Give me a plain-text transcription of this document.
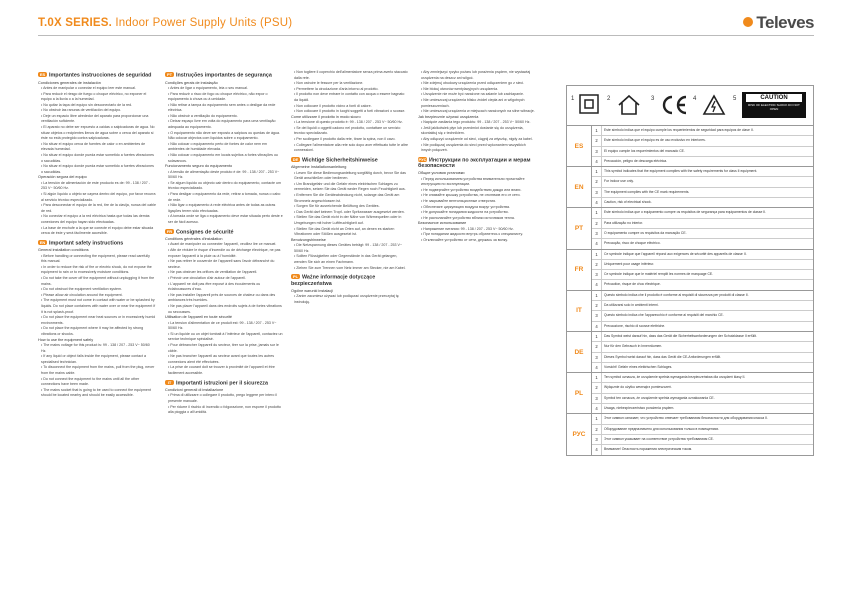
T.0X SERIES. Indoor Power Supply Units (PSU)	Televes
ES Importantes instrucciones de seguridad
Condiciones generales de instalación
• Antes de manipular o conectar el equipo leer este manual.
• Para reducir el riesgo de fuego o choque eléctrico, no exponer el equipo a la lluvia o a la humedad.
• No quitar la tapa del equipo sin desconectarlo de la red.
• No obstruir las ranuras de ventilación del equipo.
• Deje un espacio libre alrededor del aparato para proporcionar una ventilación suficiente.
• El aparato no debe ser expuesto a caídas o salpicaduras de agua. No situar objetos o recipientes llenos de agua sobre o cerca del aparato si éste no está protegido contra salpicaduras.
• No situar el equipo cerca de fuentes de calor o en ambientes de elevada humedad.
• No situar el equipo donde pueda estar sometido a fuertes vibraciones o sacudidas.
• No situar el equipo donde pueda estar sometido a fuertes vibraciones o sacudidas.
Operación segura del equipo
• La tensión de alimentación de este producto es de: 99 - 138 / 207 - 253 V~ 50/60 Hz.
• Si algún líquido u objeto se cayera dentro del equipo, por favor recurra al servicio técnico especializado.
• Para desconectar el equipo de la red, tire de la clavija, nunca del cable de red.
• No conectar el equipo a la red eléctrica hasta que todas las demás conexiones del equipo hayan sido efectuadas.
• La base de enchufe a la que se conecte el equipo debe estar situada cerca de éste y será fácilmente accesible.
EN Important safety instructions
General installation conditions
• Before handling or connecting the equipment, please read carefully this manual.
• In order to reduce the risk of fire or electric shock, do not expose the equipment to rain or to excessively moisture conditions.
• Do not take the cover off the equipment without unplugging it from the mains.
• Do not obstruct the equipment ventilation system.
• Please allow air circulation around the equipment.
• The equipment must not come in contact with water or be splashed by liquids. Do not place containers with water over or near the equipment if it is not splash-proof.
• Do not place the equipment near heat sources or in excessively humid environments.
• Do not place the equipment where it may be affected by strong vibrations or shocks.
How to use the equipment safely
• The mains voltage for this product is: 99 - 138 / 207 - 253 V~ 50/60 Hz.
• If any liquid or object falls inside the equipment, please contact a specialised technician.
• To disconnect the equipment from the mains, pull from the plug, never from the mains cable.
• Do not connect the equipment to the mains until all the other connections have been made.
• The mains socket that is going to be used to connect the equipment should be located nearby and should be easily accessible.
PT Instruções importantes de segurança
Condições gerais de instalação
• Antes de ligar o equipamento, leia o seu manual.
• Para reduzir o risco de fogo ou choque eléctrico, não expor o equipamento à chuva ou à umidade.
• Não retirar a tampa do equipamento sem antes o desligar da rede eléctrica.
• Não obstruir a ventilação do equipamento.
• Deixar espaço livre em volta do equipamento para uma ventilação adequada ao equipamento.
• O equipamento não deve ser exposto a salpicos ou quedas de água. Não colocar objectos com líquidos sobre o equipamento.
• Não colocar o equipamento perto de fontes de calor nem em ambientes de humidade elevada.
• Não colocar o equipamento em locais sujeitos a fortes vibrações ou solavancos.
Funcionamento seguro do equipamento
• A tensão de alimentação deste produto é de: 99 - 138 / 207 - 253 V~ 50/60 Hz.
• Se algum líquido ou objecto cair dentro do equipamento, contacte um técnico especializado.
• Para desligar o equipamento da rede, retirar a tomada, nunca o cabo de rede.
• Não ligar o equipamento à rede eléctrica antes de todas as outras ligações terem sido efectuadas.
• A tomada onde se liga o equipamento deve estar situada perto deste e ser de fácil acesso.
FR Consignes de sécurité
Conditions générales d'installation
• Avant de manipuler ou connecter l'appareil, veuillez lire ce manuel.
• Afin de réduire le risque d'incendie ou de décharge électrique, ne pas exposer l'appareil à la pluie ou à l'humidité.
• Ne pas retirer le couvercle de l'appareil sans l'avoir débranché du secteur.
• Ne pas obstruer les orifices de ventilation de l'appareil.
• Prévoir une circulation d'air autour de l'appareil.
• L'appareil ne doit pas être exposé à des écoulements ou éclaboussures d'eau.
• Ne pas installer l'appareil près de sources de chaleur ou dans des ambiances très humides.
• Ne pas placer l'appareil dans des endroits sujets à de fortes vibrations ou secousses.
Utilisation de l'appareil en toute sécurité
• La tension d'alimentation de ce produit est: 99 - 138 / 207 - 253 V~ 50/60 Hz.
• Si un liquide ou un objet tombait à l'intérieur de l'appareil, contactez un service technique spécialisé.
• Pour débrancher l'appareil du secteur, tirer sur la prise, jamais sur le câble.
• Ne pas brancher l'appareil au secteur avant que toutes les autres connexions aient été effectuées.
• La prise de courant doit se trouver à proximité de l'appareil et être facilement accessible.
IT Importanti istruzioni per il sicurezza
Condizioni generali di installazione
• Prima di utilizzare o collegare il prodotto, prego leggere per intero il presente manuale.
• Per ridurre il rischio di incendio o folgorazione, non esporre il prodotto alla pioggia o all'umidità.
• Non togliere il coperchio dell'alimentatore senza prima averlo staccato dalla rete.
• Non ostruire le fessure per la ventilazione.
• Permettere la circolazione d'aria intorno al prodotto.
• Il prodotto non deve entrare in contatto con acqua o essere bagnato da liquidi.
• Non collocare il prodotto vicino a fonti di calore.
• Non collocare il prodotto in luoghi soggetti a forti vibrazioni o scosse.
Come utilizzare il prodotto in modo sicuro
• La tensione di questo prodotto è: 99 - 138 / 207 - 253 V~ 50/60 Hz.
• Se dei liquidi o oggetti cadono nel prodotto, contattare un servizio tecnico specializzato.
• Per scollegare il prodotto dalla rete, tirare la spina, non il cavo.
• Collegare l'alimentatore alla rete solo dopo aver effettuato tutte le altre connessioni.
DE Wichtige Sicherheitshinweise
Allgemeine Installationsanleitung
• Lesen Sie diese Bedienungsanleitung sorgfältig durch, bevor Sie das Gerät anschließen oder bedienen.
• Um Brandgefahr und die Gefahr eines elektrischen Schlages zu vermeiden, setzen Sie das Gerät weder Regen noch Feuchtigkeit aus.
• Entfernen Sie die Geräteabdeckung nicht, solange das Gerät am Stromnetz angeschlossen ist.
• Sorgen Sie für ausreichende Belüftung des Gerätes.
• Das Gerät darf keinem Tropf- oder Spritzwasser ausgesetzt werden.
• Stellen Sie das Gerät nicht in der Nähe von Wärmequellen oder in Umgebungen mit hoher Luftfeuchtigkeit auf.
• Stellen Sie das Gerät nicht an Orten auf, an denen es starken Vibrationen oder Stößen ausgesetzt ist.
Benutzungshinweise
• Die Netzspannung dieses Gerätes beträgt: 99 - 138 / 207 - 253 V~ 50/60 Hz.
• Sollten Flüssigkeiten oder Gegenstände in das Gerät gelangen, wenden Sie sich an einen Fachmann.
• Ziehen Sie zum Trennen vom Netz immer am Stecker, nie am Kabel.
PL Ważne informacje dotyczące bezpieczeństwa
Ogólne warunki instalacji
• Zanim zaczniesz używać lub podłączać urządzenie przeczytaj tę instrukcję.
• Aby zmniejszyć ryzyko pożaru lub porażenia prądem, nie wystawiaj urządzenia na deszcz ani wilgoć.
• Nie zdejmuj obudowy urządzenia przed odłączeniem go z sieci.
• Nie blokuj otworów wentylacyjnych urządzenia.
• Urządzenie nie może być narażone na zalanie lub zachlapanie.
• Nie umieszczaj urządzenia blisko źródeł ciepła ani w wilgotnych pomieszczeniach.
• Nie umieszczaj urządzenia w miejscach narażonych na silne wibracje.
Jak bezpiecznie używać urządzenia
• Napięcie zasilania tego produktu: 99 - 138 / 207 - 253 V~ 50/60 Hz.
• Jeśli jakikolwiek płyn lub przedmiot dostanie się do urządzenia, skontaktuj się z technikiem.
• Aby odłączyć urządzenie od sieci, ciągnij za wtyczkę, nigdy za kabel.
• Nie podłączaj urządzenia do sieci przed wykonaniem wszystkich innych połączeń.
РУС Инструкции по эксплуатации и мерам безопасности
Общие условия установки
• Перед использованием устройства внимательно прочитайте инструкцию по эксплуатации.
• Не подвергайте устройство воздействию дождя или влаги.
• Не снимайте крышку устройства, не отключив его от сети.
• Не закрывайте вентиляционные отверстия.
• Обеспечьте циркуляцию воздуха вокруг устройства.
• Не допускайте попадания жидкости на устройство.
• Не располагайте устройство вблизи источников тепла.
Безопасное использование
• Напряжение питания: 99 - 138 / 207 - 253 V~ 50/60 Hz.
• При попадании жидкости внутрь обратитесь к специалисту.
• Отключайте устройство от сети, держась за вилку.
1	2	3	4	5	CAUTION
RISK OF ELECTRIC SHOCK DO NOT OPEN
ES
1	Este símbolo indica que el equipo cumple los requerimientos de seguridad para equipos de clase II.
2	Este símbolo indica que el equipo es de uso exclusivo en interiores.
3	El equipo cumple los requerimientos del marcado CE.
4	Precaución, peligro de descarga eléctrica.
EN
1	This symbol indicates that the equipment complies with the safety requirements for class II equipment.
2	For indoor use only.
3	The equipment complies with the CE mark requirements.
4	Caution, risk of electrical shock.
PT
1	Este símbolo indica que o equipamento cumpre os requisitos de segurança para equipamentos de classe II.
2	Para utilização no interior.
3	O equipamento cumpre os requisitos da marcação CE.
4	Precaução, risco de choque eléctrico.
FR
1	Ce symbole indique que l'appareil répond aux exigences de sécurité des appareils de classe II.
2	Uniquement pour usage intérieur.
3	Ce symbole indique que le matériel remplit les normes de marquage CE.
4	Précaution, risque de choc électrique.
IT
1	Questo simbolo indica che il prodotto è conforme ai requisiti di sicurezza per prodotti di classe II.
2	Da utilizzarsi solo in ambienti interni.
3	Questo simbolo indica che l'apparecchio è conforme ai requisiti del marchio CE.
4	Precauzione, rischio di scosse elettriche.
DE
1	Das Symbol weist darauf hin, dass das Gerät die Sicherheitsanforderungen der Schutzklasse II erfüllt.
2	Nur für den Gebrauch in Innenräumen.
3	Dieses Symbol weist darauf hin, dass das Gerät die CE-Anforderungen erfüllt.
4	Vorsicht! Gefahr eines elektrischen Schlages.
PL
1	Ten symbol oznacza, że urządzenie spełnia wymagania bezpieczeństwa dla urządzeń klasy II.
2	Wyłącznie do użytku wewnątrz pomieszczeń.
3	Symbol ten oznacza, że urządzenie spełnia wymagania oznakowania CE.
4	Uwaga, niebezpieczeństwo porażenia prądem.
РУС
1	Этот символ означает, что устройство отвечает требованиям безопасности для оборудования класса II.
2	Оборудование предназначено для использования только в помещениях.
3	Этот символ указывает на соответствие устройства требованиям CE.
4	Внимание! Опасность поражения электрическим током.
